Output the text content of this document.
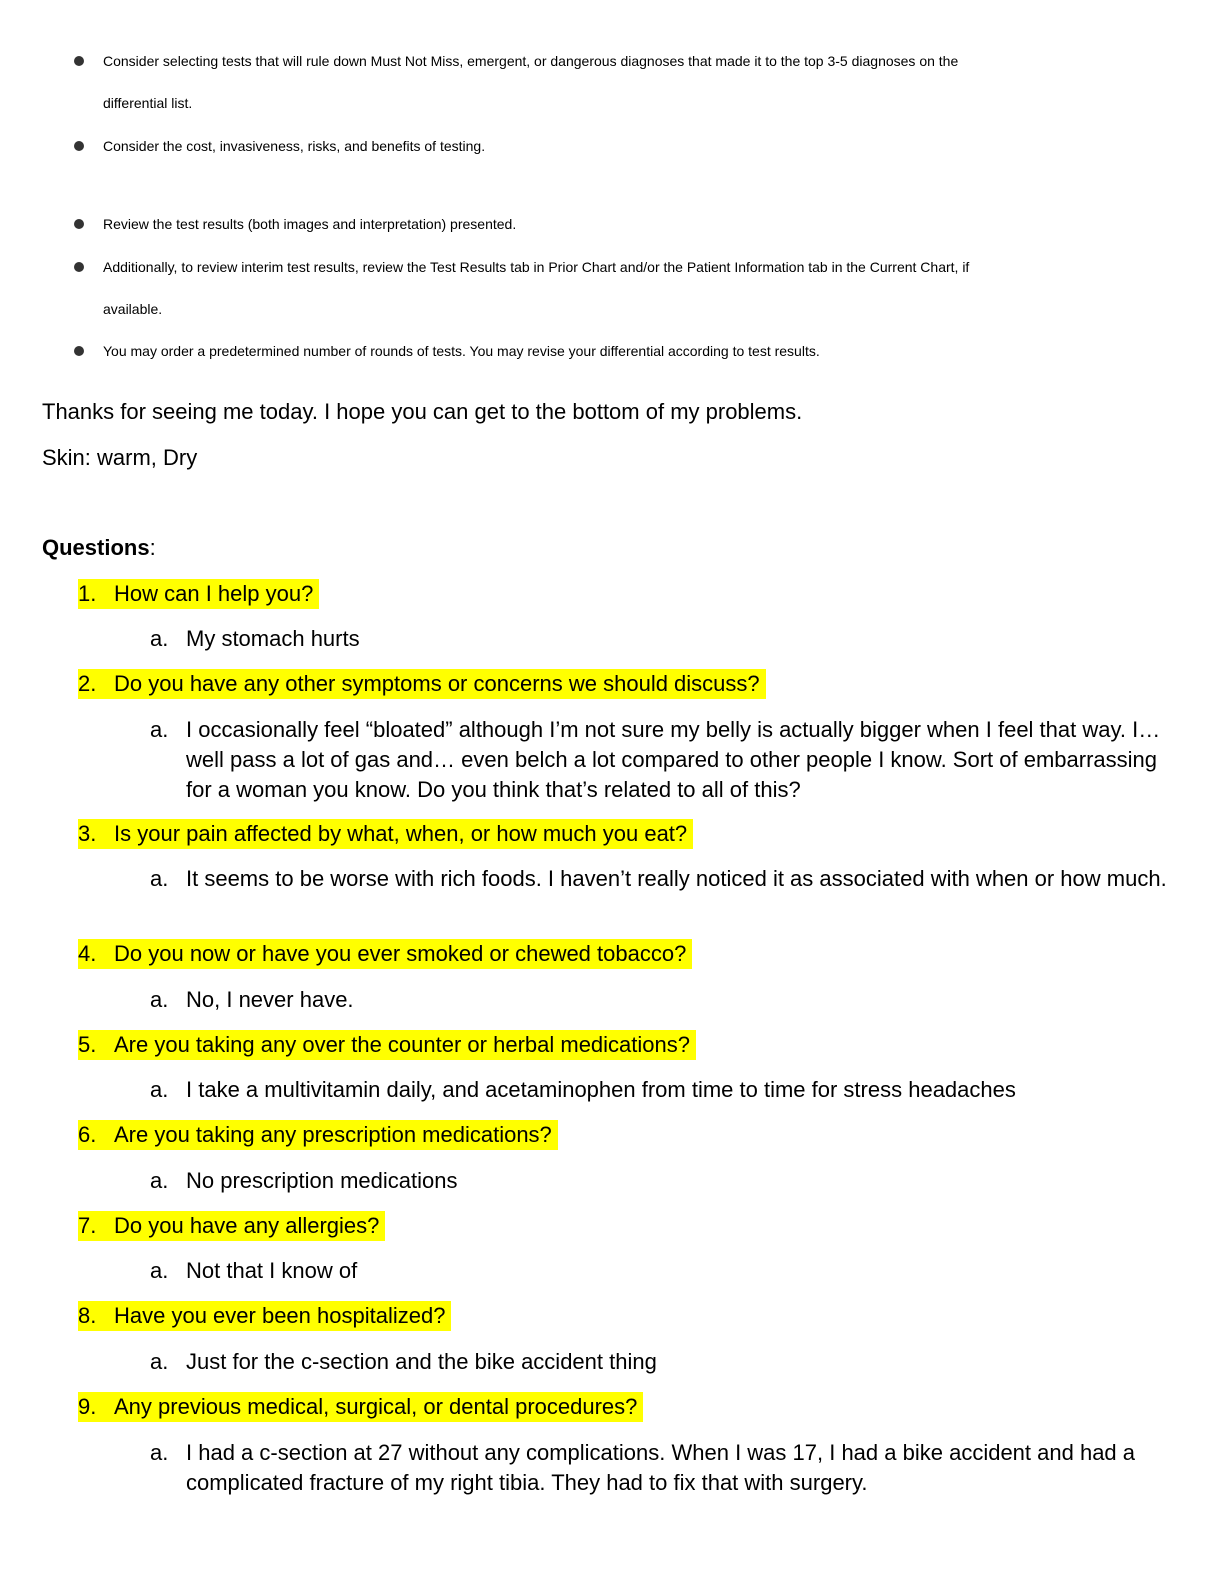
Consider selecting tests that will rule down Must Not Miss, emergent, or dangerous diagnoses that made it to the top 3-5 diagnoses on the
differential list.
Consider the cost, invasiveness, risks, and benefits of testing.
Review the test results (both images and interpretation) presented.
Additionally, to review interim test results, review the Test Results tab in Prior Chart and/or the Patient Information tab in the Current Chart, if
available.
You may order a predetermined number of rounds of tests. You may revise your differential according to test results.
Thanks for seeing me today. I hope you can get to the bottom of my problems.
Skin: warm, Dry
Questions:
1. How can I help you?
a. My stomach hurts
2. Do you have any other symptoms or concerns we should discuss?
a. I occasionally feel “bloated” although I’m not sure my belly is actually bigger when I feel that way. I…well pass a lot of gas and… even belch a lot compared to other people I know. Sort of embarrassing for a woman you know. Do you think that’s related to all of this?
3. Is your pain affected by what, when, or how much you eat?
a. It seems to be worse with rich foods. I haven’t really noticed it as associated with when or how much.
4. Do you now or have you ever smoked or chewed tobacco?
a. No, I never have.
5. Are you taking any over the counter or herbal medications?
a. I take a multivitamin daily, and acetaminophen from time to time for stress headaches
6. Are you taking any prescription medications?
a. No prescription medications
7. Do you have any allergies?
a. Not that I know of
8. Have you ever been hospitalized?
a. Just for the c-section and the bike accident thing
9. Any previous medical, surgical, or dental procedures?
a. I had a c-section at 27 without any complications. When I was 17, I had a bike accident and had a complicated fracture of my right tibia. They had to fix that with surgery.
